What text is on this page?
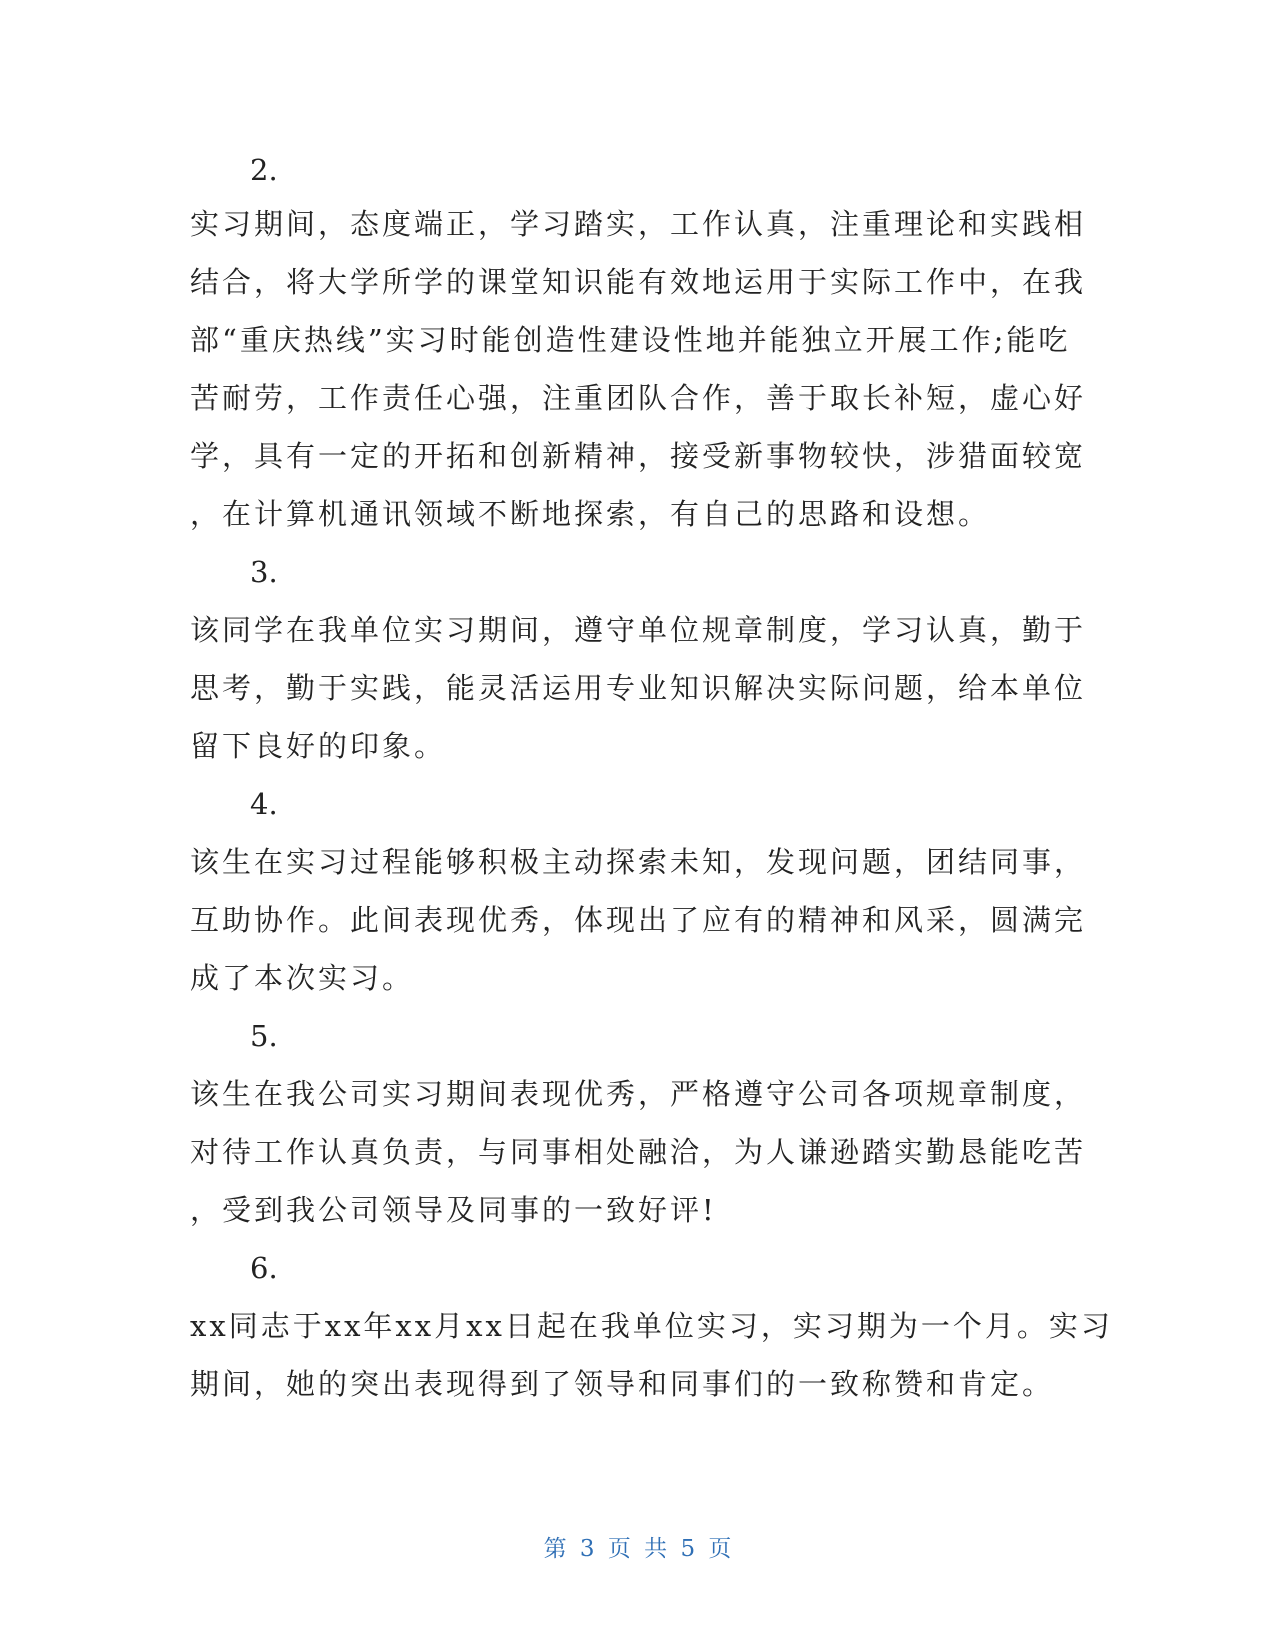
2.
实习期间，态度端正，学习踏实，工作认真，注重理论和实践相
结合，将大学所学的课堂知识能有效地运用于实际工作中，在我
部“重庆热线”实习时能创造性建设性地并能独立开展工作;能吃
苦耐劳，工作责任心强，注重团队合作，善于取长补短，虚心好
学，具有一定的开拓和创新精神，接受新事物较快，涉猎面较宽
，在计算机通讯领域不断地探索，有自己的思路和设想。
3.
该同学在我单位实习期间，遵守单位规章制度，学习认真，勤于
思考，勤于实践，能灵活运用专业知识解决实际问题，给本单位
留下良好的印象。
4.
该生在实习过程能够积极主动探索未知，发现问题，团结同事，
互助协作。此间表现优秀，体现出了应有的精神和风采，圆满完
成了本次实习。
5.
该生在我公司实习期间表现优秀，严格遵守公司各项规章制度，
对待工作认真负责，与同事相处融洽，为人谦逊踏实勤恳能吃苦
，受到我公司领导及同事的一致好评!
6.
xx同志于xx年xx月xx日起在我单位实习，实习期为一个月。实习
期间，她的突出表现得到了领导和同事们的一致称赞和肯定。
第 3 页 共 5 页
